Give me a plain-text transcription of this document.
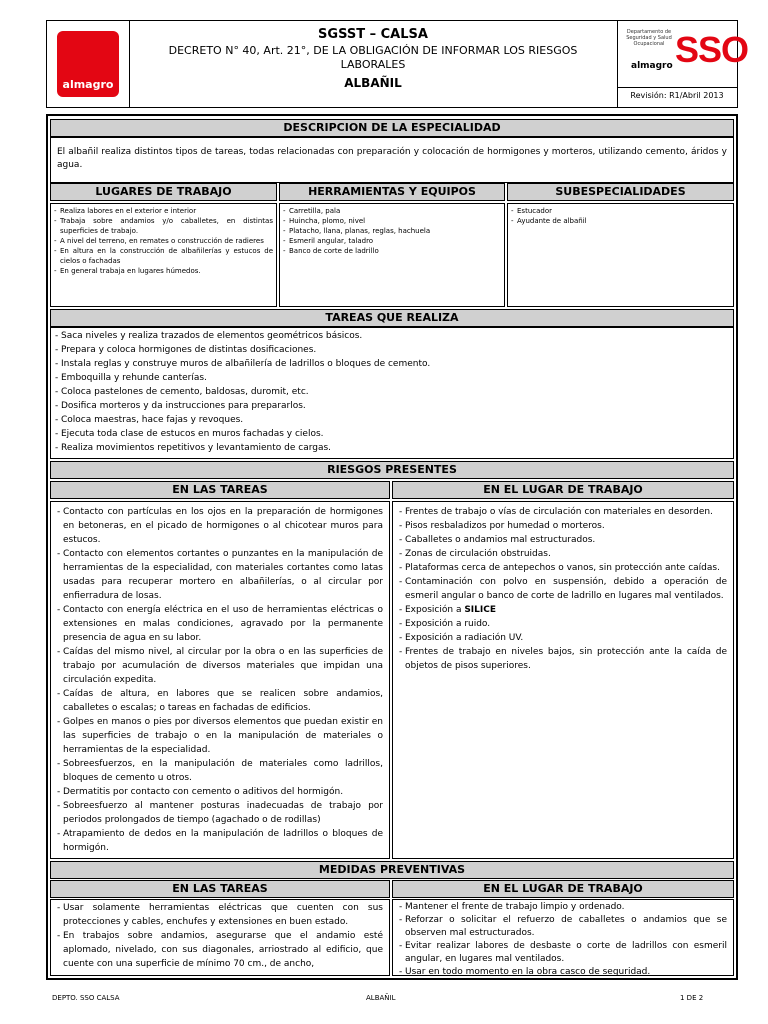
almagro
SGSST – CALSA
DECRETO N° 40, Art. 21°, DE LA OBLIGACIÓN DE INFORMAR LOS RIESGOS LABORALES
ALBAÑIL
Departamento de Seguridad y Salud Ocupacional
almagro SSO
Revisión: R1/Abril 2013
DESCRIPCION DE LA ESPECIALIDAD
El albañil realiza distintos tipos de tareas, todas relacionadas con preparación y colocación de hormigones y morteros, utilizando cemento, áridos y agua.
LUGARES DE TRABAJO	HERRAMIENTAS Y EQUIPOS	SUBESPECIALIDADES
- Realiza labores en el exterior e interior
- Trabaja sobre andamios y/o caballetes, en distintas superficies de trabajo.
- A nivel del terreno, en remates o construcción de radieres
- En altura en la construcción de albañilerías y estucos de cielos o fachadas
- En general trabaja en lugares húmedos.
- Carretilla, pala
- Huincha, plomo, nivel
- Platacho, llana, planas, reglas, hachuela
- Esmeril angular, taladro
- Banco de corte de ladrillo
- Estucador
- Ayudante de albañil
TAREAS QUE REALIZA
- Saca niveles y realiza trazados de elementos geométricos básicos.
- Prepara y coloca hormigones de distintas dosificaciones.
- Instala reglas y construye muros de albañilería de ladrillos o bloques de cemento.
- Emboquilla y rehunde canterías.
- Coloca pastelones de cemento, baldosas, duromit, etc.
- Dosifica morteros y da instrucciones para prepararlos.
- Coloca maestras, hace fajas y revoques.
- Ejecuta toda clase de estucos en muros fachadas y cielos.
- Realiza movimientos repetitivos y levantamiento de cargas.
RIESGOS PRESENTES
EN LAS TAREAS	EN EL LUGAR DE TRABAJO
- Contacto con partículas en los ojos en la preparación de hormigones en betoneras, en el picado de hormigones o al chicotear muros para estucos.
- Contacto con elementos cortantes o punzantes en la manipulación de herramientas de la especialidad, con materiales cortantes como latas usadas para recuperar mortero en albañilerías, o al circular por enfierradura de losas.
- Contacto con energía eléctrica en el uso de herramientas eléctricas o extensiones en malas condiciones, agravado por la permanente presencia de agua en su labor.
- Caídas del mismo nivel, al circular por la obra o en las superficies de trabajo por acumulación de diversos materiales que impidan una circulación expedita.
- Caídas de altura, en labores que se realicen sobre andamios, caballetes o escalas; o tareas en fachadas de edificios.
- Golpes en manos o pies por diversos elementos que puedan existir en las superficies de trabajo o en la manipulación de materiales o herramientas de la especialidad.
- Sobreesfuerzos, en la manipulación de materiales como ladrillos, bloques de cemento u otros.
- Dermatitis por contacto con cemento o aditivos del hormigón.
- Sobreesfuerzo al mantener posturas inadecuadas de trabajo por periodos prolongados de tiempo (agachado o de rodillas)
- Atrapamiento de dedos en la manipulación de ladrillos o bloques de hormigón.
- Frentes de trabajo o vías de circulación con materiales en desorden.
- Pisos resbaladizos por humedad o morteros.
- Caballetes o andamios mal estructurados.
- Zonas de circulación obstruidas.
- Plataformas cerca de antepechos o vanos, sin protección ante caídas.
- Contaminación con polvo en suspensión, debido a operación de esmeril angular o banco de corte de ladrillo en lugares mal ventilados.
- Exposición a SILICE
- Exposición a ruido.
- Exposición a radiación UV.
- Frentes de trabajo en niveles bajos, sin protección ante la caída de objetos de pisos superiores.
MEDIDAS PREVENTIVAS
EN LAS TAREAS	EN EL LUGAR DE TRABAJO
- Usar solamente herramientas eléctricas que cuenten con sus protecciones y cables, enchufes y extensiones en buen estado.
- En trabajos sobre andamios, asegurarse que el andamio esté aplomado, nivelado, con sus diagonales, arriostrado al edificio, que cuente con una superficie de mínimo 70 cm., de ancho,
- Mantener el frente de trabajo limpio y ordenado.
- Reforzar o solicitar el refuerzo de caballetes o andamios que se observen mal estructurados.
- Evitar realizar labores de desbaste o corte de ladrillos con esmeril angular, en lugares mal ventilados.
- Usar en todo momento en la obra casco de seguridad.
DEPTO. SSO CALSA	ALBAÑIL	1 DE 2
